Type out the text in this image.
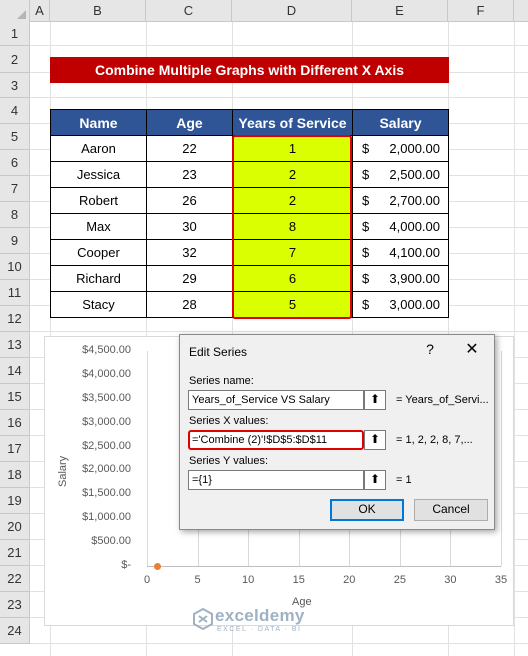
A	B	C	D	E	F
1
2
3
4
5
6
7
8
9
10
11
12
13
14
15
16
17
18
19
20
21
22
23
24
Combine Multiple Graphs with Different X Axis
Name	Age	Years of Service	Salary
Aaron	22	1	$ 2,000.00
Jessica	23	2	$ 2,500.00
Robert	26	2	$ 2,700.00
Max	30	8	$ 4,000.00
Cooper	32	7	$ 4,100.00
Richard	29	6	$ 3,900.00
Stacy	28	5	$ 3,000.00
$-
$500.00
$1,000.00
$1,500.00
$2,000.00
$2,500.00
$3,000.00
$3,500.00
$4,000.00
$4,500.00
0	5	10	15	20	25	30	35
Salary
Age
exceldemy
EXCEL · DATA · BI
Edit Series	? ✕
Series name:
Years_of_Service VS Salary	⬆	= Years_of_Servi...
Series X values:
='Combine (2)'!$D$5:$D$11	⬆	= 1, 2, 2, 8, 7,...
Series Y values:
={1}	⬆	= 1
OK	Cancel
